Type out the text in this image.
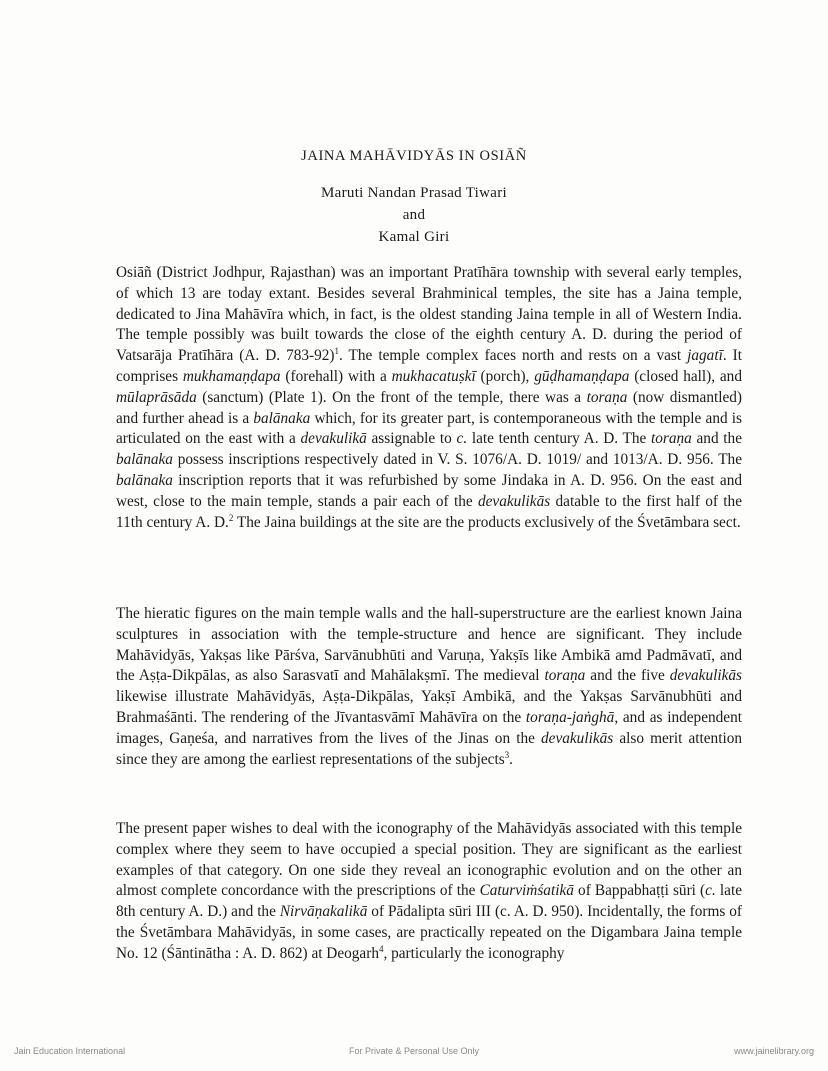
JAINA MAHĀVIDYĀS IN OSIĀÑ
Maruti Nandan Prasad Tiwari
and
Kamal Giri

Osiāñ (District Jodhpur, Rajasthan) was an important Pratīhāra township with several early temples, of which 13 are today extant. Besides several Brahminical temples, the site has a Jaina temple, dedicated to Jina Mahāvīra which, in fact, is the oldest standing Jaina temple in all of Western India. The temple possibly was built towards the close of the eighth century A. D. during the period of Vatsarāja Pratīhāra (A. D. 783-92)$^1$. The temple complex faces north and rests on a vast jagatī. It comprises mukhamaṇḍapa (forehall) with a mukhacatuṣkī (porch), gūḍhamaṇḍapa (closed hall), and mūlaprāsāda (sanctum) (Plate 1). On the front of the temple, there was a toraṇa (now dismantled) and further ahead is a balānaka which, for its greater part, is contemporaneous with the temple and is articulated on the east with a devakulikā assignable to c. late tenth century A. D. The toraṇa and the balānaka possess inscriptions respectively dated in V. S. 1076/A. D. 1019/ and 1013/A. D. 956. The balānaka inscription reports that it was refurbished by some Jindaka in A. D. 956. On the east and west, close to the main temple, stands a pair each of the devakulikās datable to the first half of the 11th century A. D.$^2$ The Jaina buildings at the site are the products exclusively of the Śvetāmbara sect.

The hieratic figures on the main temple walls and the hall-superstructure are the earliest known Jaina sculptures in association with the temple-structure and hence are significant. They include Mahāvidyās, Yakṣas like Pārśva, Sarvānubhūti and Varuṇa, Yakṣīs like Ambikā amd Padmāvatī, and the Aṣṭa-Dikpālas, as also Sarasvatī and Mahālakṣmī. The medieval toraṇa and the five devakulikās likewise illustrate Mahāvidyās, Aṣṭa-Dikpālas, Yakṣī Ambikā, and the Yakṣas Sarvānubhūti and Brahmaśānti. The rendering of the Jīvantasvāmī Mahāvīra on the toraṇa-jaṅghā, and as independent images, Gaṇeśa, and narratives from the lives of the Jinas on the devakulikās also merit attention since they are among the earliest representations of the subjects$^3$.

The present paper wishes to deal with the iconography of the Mahāvidyās associated with this temple complex where they seem to have occupied a special position. They are significant as the earliest examples of that category. On one side they reveal an iconographic evolution and on the other an almost complete concordance with the prescriptions of the Caturviṁśatikā of Bappabhaṭṭi sūri (c. late 8th century A. D.) and the Nirvāṇakalikā of Pādalipta sūri III (c. A. D. 950). Incidentally, the forms of the Śvetāmbara Mahāvidyās, in some cases, are practically repeated on the Digambara Jaina temple No. 12 (Śāntinātha : A. D. 862) at Deogarh$^4$, particularly the iconography

Jain Education International	For Private & Personal Use Only	www.jainelibrary.org
